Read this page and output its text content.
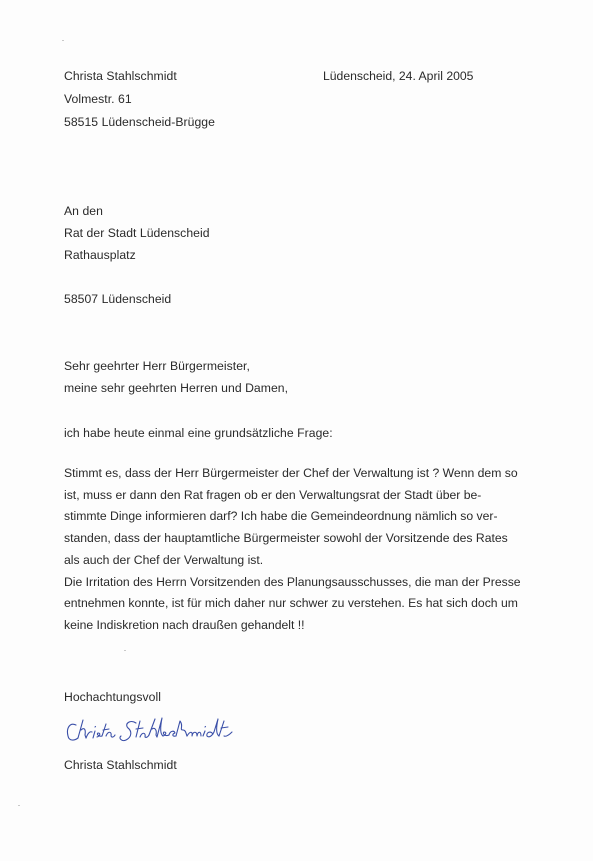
Christa Stahlschmidt
Volmestr. 61
58515 Lüdenscheid-Brügge
Lüdenscheid, 24. April 2005
An den
Rat der Stadt Lüdenscheid
Rathausplatz
58507 Lüdenscheid
Sehr geehrter Herr Bürgermeister,
meine sehr geehrten Herren und Damen,
ich habe heute einmal eine grundsätzliche Frage:
Stimmt es, dass der Herr Bürgermeister der Chef der Verwaltung ist ? Wenn dem so
ist, muss er dann den Rat fragen ob er den Verwaltungsrat der Stadt über be-
stimmte Dinge informieren darf? Ich habe die Gemeindeordnung nämlich so ver-
standen, dass der hauptamtliche Bürgermeister sowohl der Vorsitzende des Rates
als auch der Chef der Verwaltung ist.
Die Irritation des Herrn Vorsitzenden des Planungsausschusses, die man der Presse
entnehmen konnte, ist für mich daher nur schwer zu verstehen. Es hat sich doch um
keine Indiskretion nach draußen gehandelt !!
Hochachtungsvoll
Christa Stahlschmidt
